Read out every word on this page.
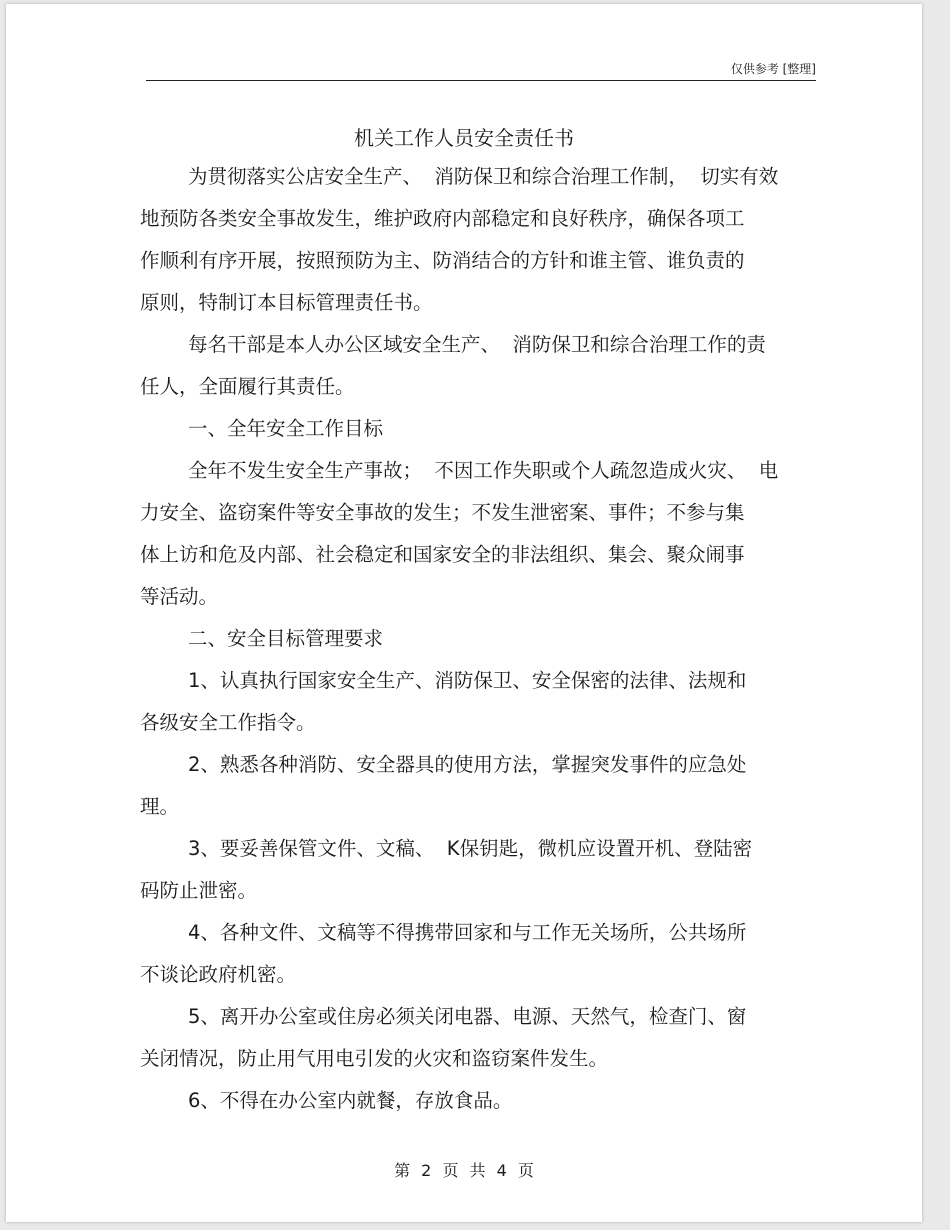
仅供参考 [整理]
机关工作人员安全责任书
为贯彻落实公店安全生产、  消防保卫和综合治理工作制，  切实有效
地预防各类安全事故发生，维护政府内部稳定和良好秩序，确保各项工
作顺利有序开展，按照预防为主、防消结合的方针和谁主管、谁负责的
原则，特制订本目标管理责任书。
每名干部是本人办公区域安全生产、  消防保卫和综合治理工作的责
任人，全面履行其责任。
一、全年安全工作目标
全年不发生安全生产事故；  不因工作失职或个人疏忽造成火灾、  电
力安全、盗窃案件等安全事故的发生；不发生泄密案、事件；不参与集
体上访和危及内部、社会稳定和国家安全的非法组织、集会、聚众闹事
等活动。
二、安全目标管理要求
1、认真执行国家安全生产、消防保卫、安全保密的法律、法规和
各级安全工作指令。
2、熟悉各种消防、安全器具的使用方法，掌握突发事件的应急处
理。
3、要妥善保管文件、文稿、  K保钥匙，微机应设置开机、登陆密
码防止泄密。
4、各种文件、文稿等不得携带回家和与工作无关场所，公共场所
不谈论政府机密。
5、离开办公室或住房必须关闭电器、电源、天然气，检查门、窗
关闭情况，防止用气用电引发的火灾和盗窃案件发生。
6、不得在办公室内就餐，存放食品。
第 2 页 共 4 页
